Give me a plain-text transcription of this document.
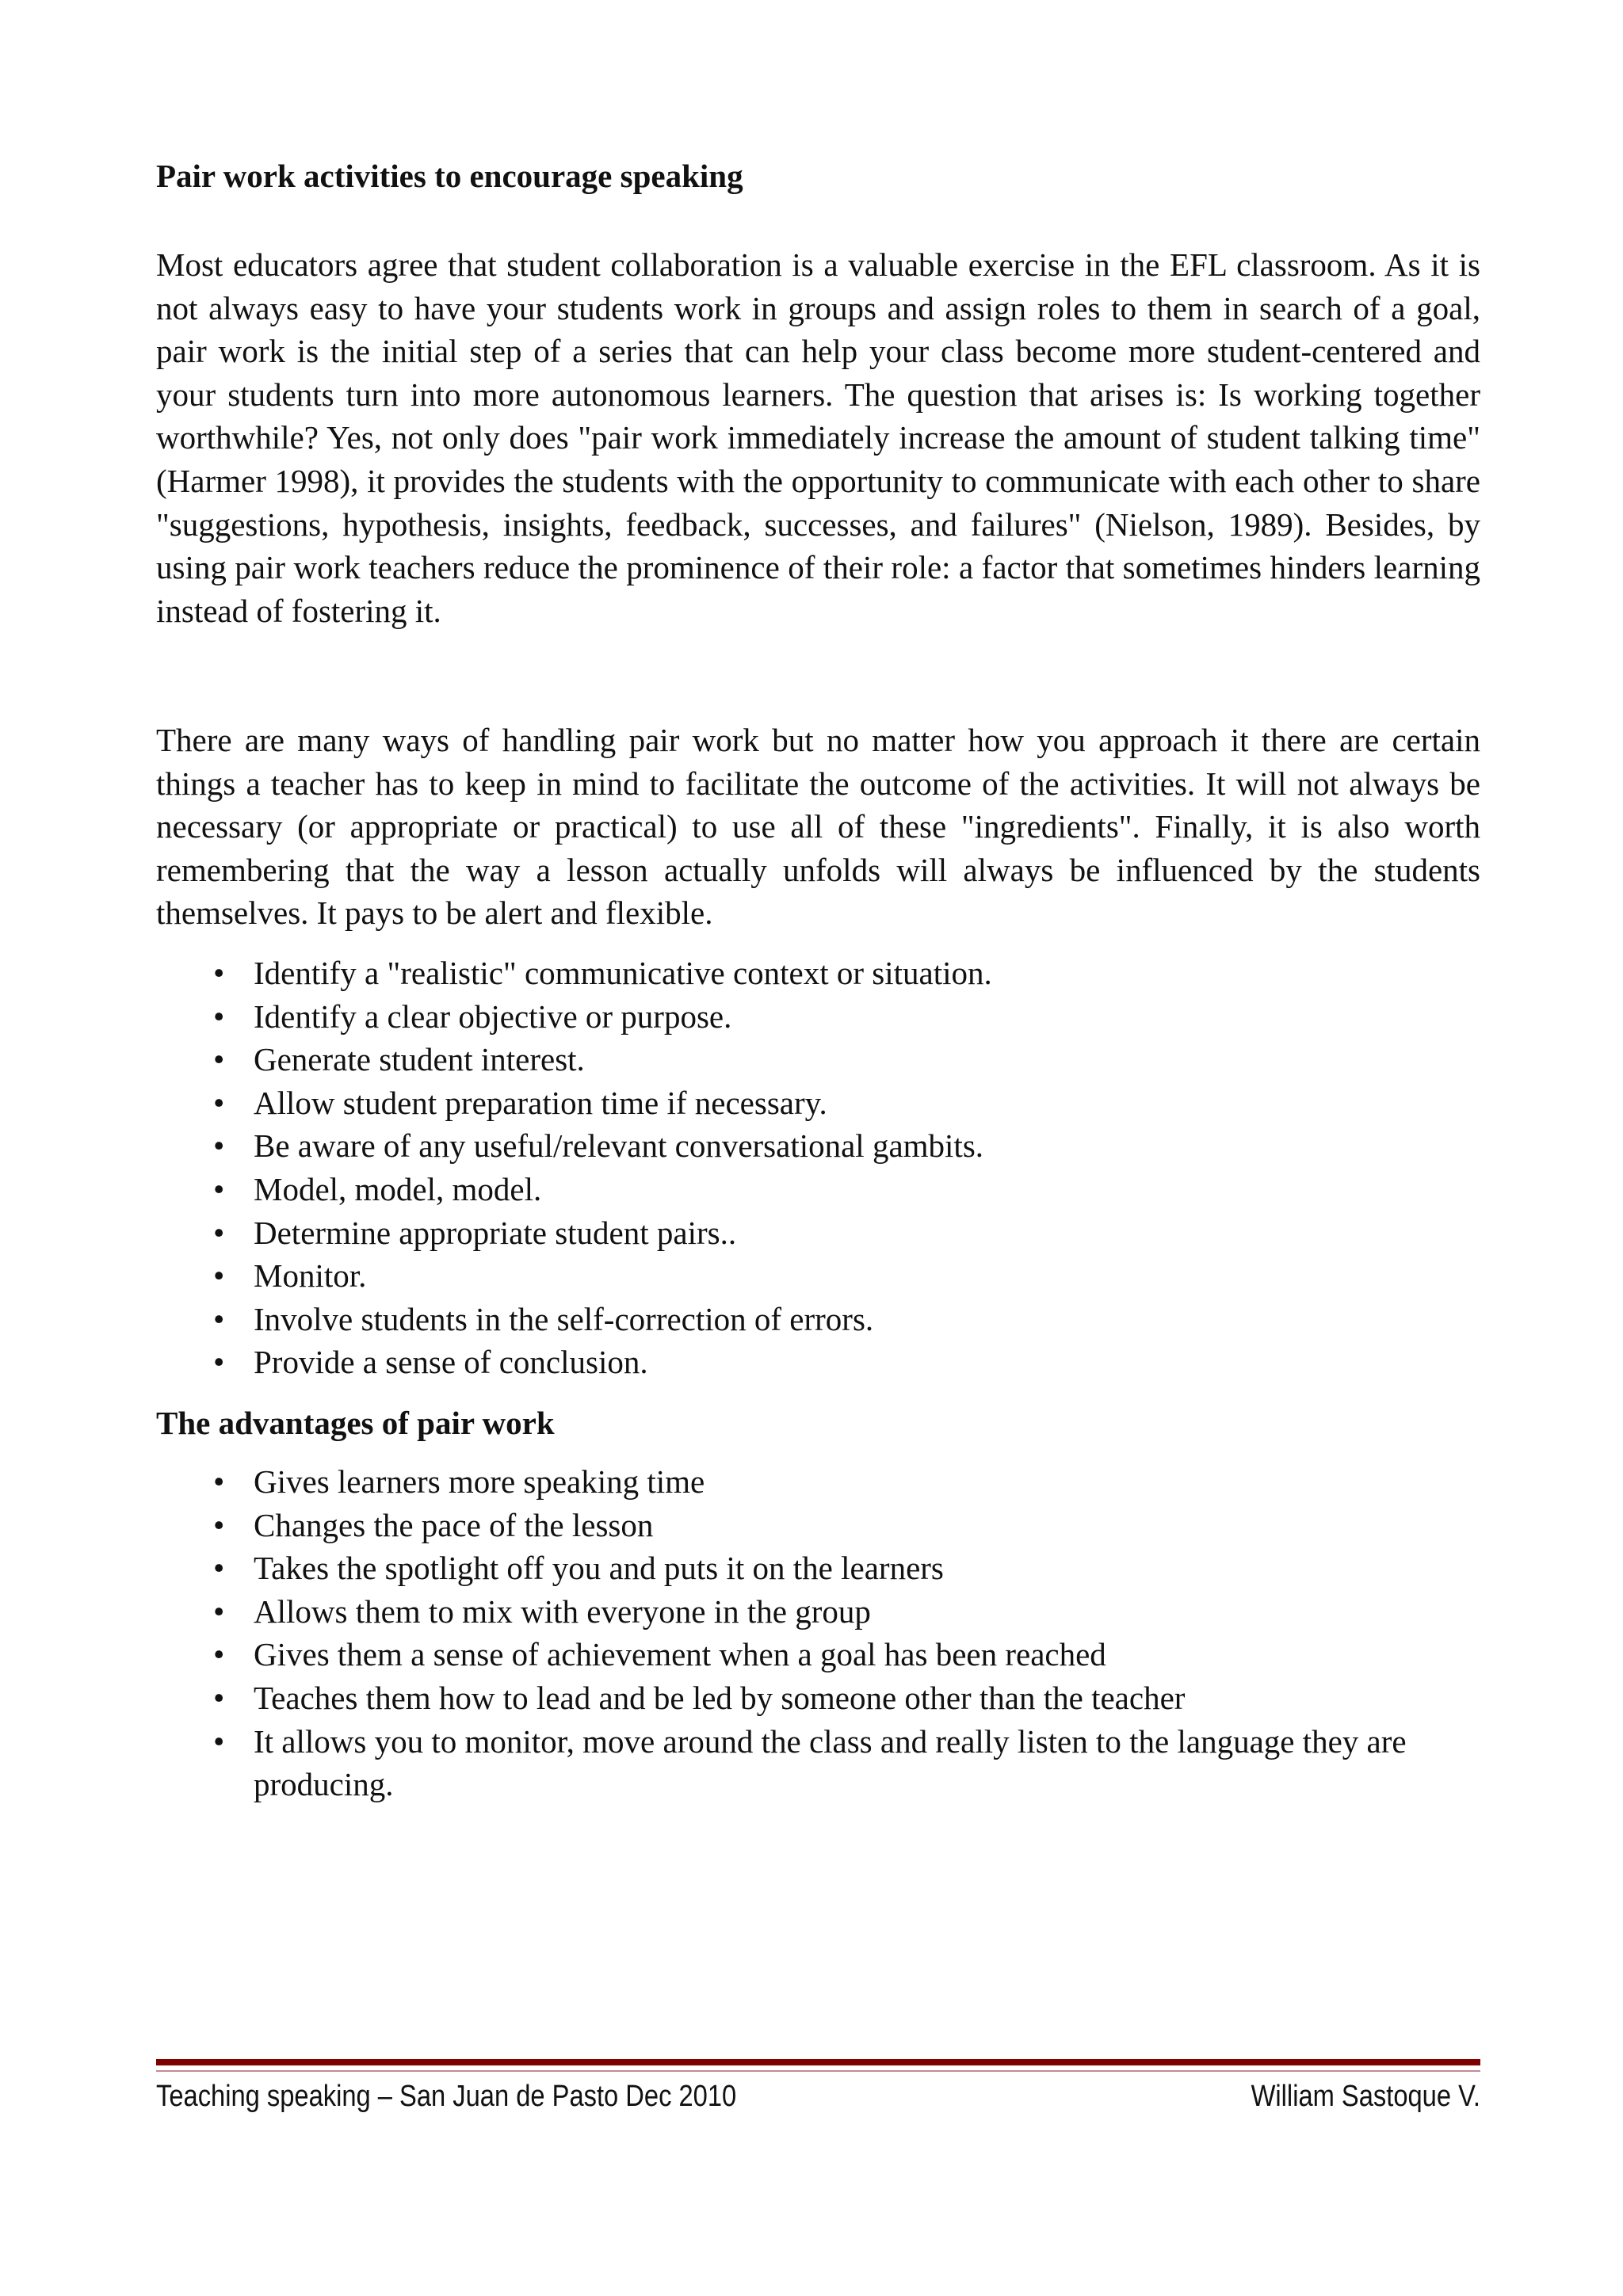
Pair work activities to encourage speaking

Most educators agree that student collaboration is a valuable exercise in the EFL classroom. As it is not always easy to have your students work in groups and assign roles to them in search of a goal, pair work is the initial step of a series that can help your class become more student-centered and your students turn into more autonomous learners. The question that arises is: Is working together worthwhile? Yes, not only does "pair work immediately increase the amount of student talking time" (Harmer 1998), it provides the students with the opportunity to communicate with each other to share "suggestions, hypothesis, insights, feedback, successes, and failures" (Nielson, 1989). Besides, by using pair work teachers reduce the prominence of their role: a factor that sometimes hinders learning instead of fostering it.

There are many ways of handling pair work but no matter how you approach it there are certain things a teacher has to keep in mind to facilitate the outcome of the activities. It will not always be necessary (or appropriate or practical) to use all of these "ingredients". Finally, it is also worth remembering that the way a lesson actually unfolds will always be influenced by the students themselves. It pays to be alert and flexible.

• Identify a "realistic" communicative context or situation.
• Identify a clear objective or purpose.
• Generate student interest.
• Allow student preparation time if necessary.
• Be aware of any useful/relevant conversational gambits.
• Model, model, model.
• Determine appropriate student pairs..
• Monitor.
• Involve students in the self-correction of errors.
• Provide a sense of conclusion.
The advantages of pair work
• Gives learners more speaking time
• Changes the pace of the lesson
• Takes the spotlight off you and puts it on the learners
• Allows them to mix with everyone in the group
• Gives them a sense of achievement when a goal has been reached
• Teaches them how to lead and be led by someone other than the teacher
• It allows you to monitor, move around the class and really listen to the language they are producing.
Teaching speaking – San Juan de Pasto Dec 2010	William Sastoque V.
